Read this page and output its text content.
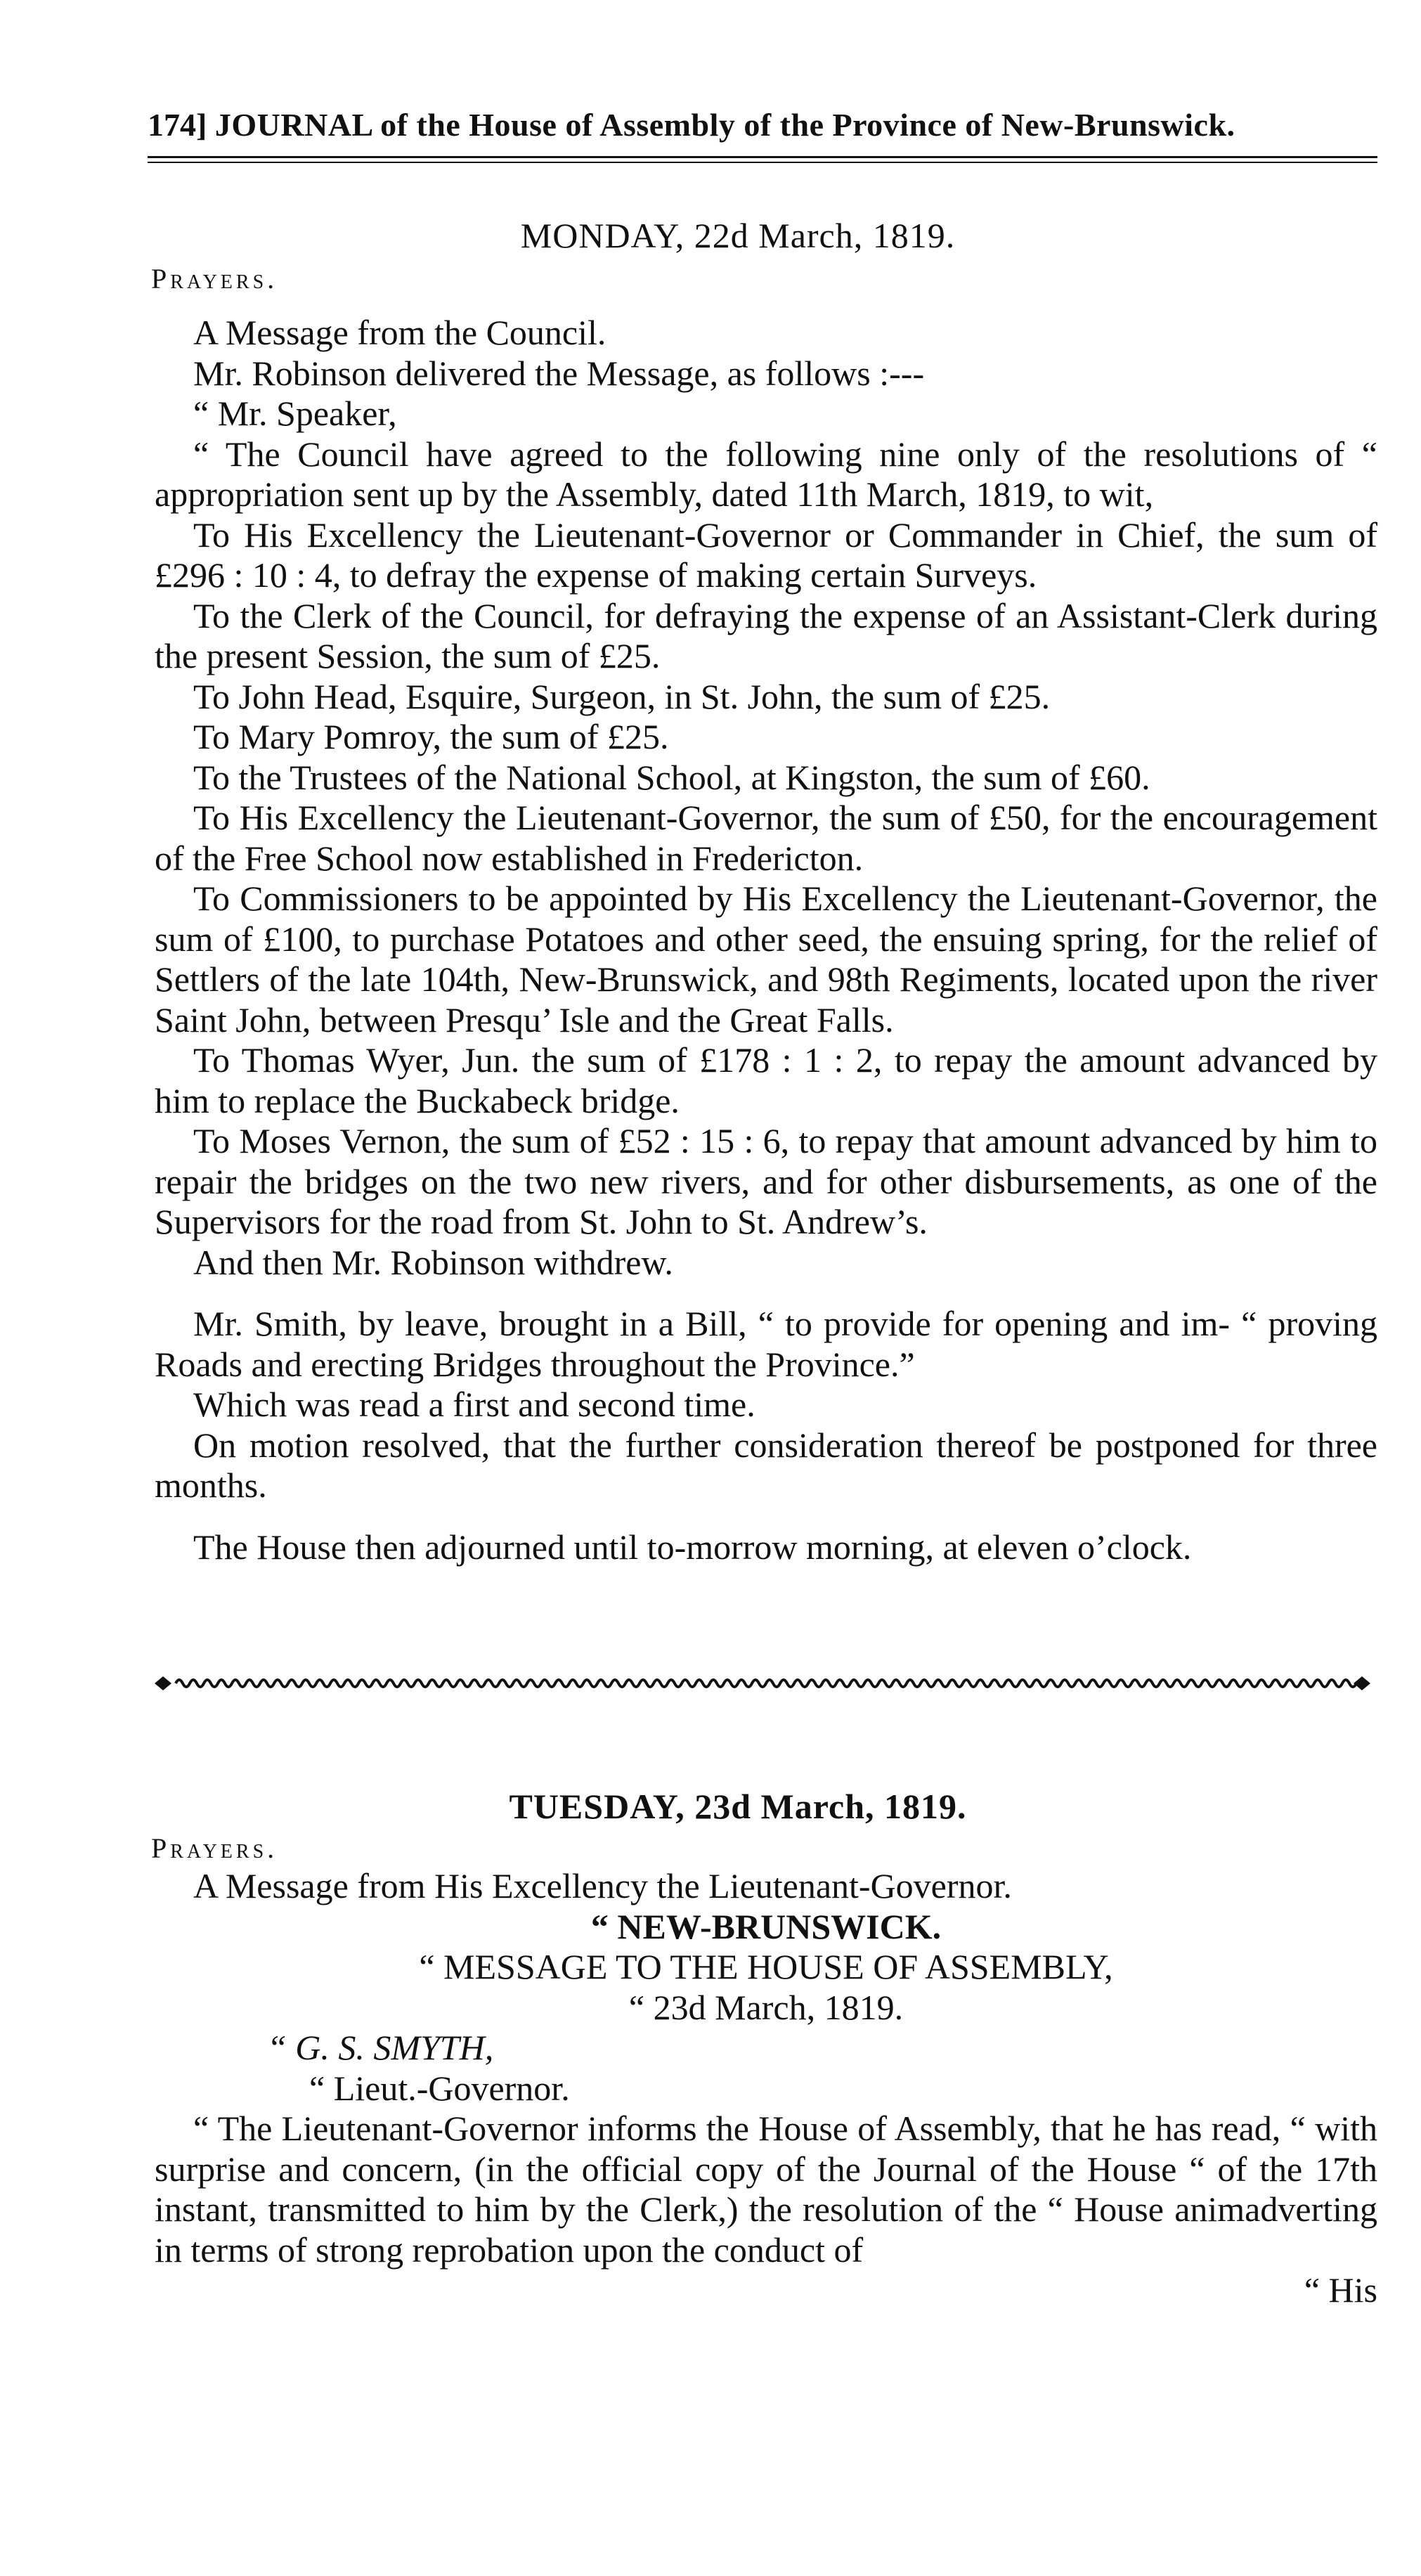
174] JOURNAL of the House of Assembly of the Province of New-Brunswick.
MONDAY, 22d March, 1819.
Prayers.

A Message from the Council.

Mr. Robinson delivered the Message, as follows :---

“ Mr. Speaker,

“ The Council have agreed to the following nine only of the resolutions of “ appropriation sent up by the Assembly, dated 11th March, 1819, to wit,

To His Excellency the Lieutenant-Governor or Commander in Chief, the sum of £296 : 10 : 4, to defray the expense of making certain Surveys.

To the Clerk of the Council, for defraying the expense of an Assistant-Clerk during the present Session, the sum of £25.

To John Head, Esquire, Surgeon, in St. John, the sum of £25.

To Mary Pomroy, the sum of £25.

To the Trustees of the National School, at Kingston, the sum of £60.

To His Excellency the Lieutenant-Governor, the sum of £50, for the encouragement of the Free School now established in Fredericton.

To Commissioners to be appointed by His Excellency the Lieutenant-Governor, the sum of £100, to purchase Potatoes and other seed, the ensuing spring, for the relief of Settlers of the late 104th, New-Brunswick, and 98th Regiments, located upon the river Saint John, between Presqu’ Isle and the Great Falls.

To Thomas Wyer, Jun. the sum of £178 : 1 : 2, to repay the amount advanced by him to replace the Buckabeck bridge.

To Moses Vernon, the sum of £52 : 15 : 6, to repay that amount advanced by him to repair the bridges on the two new rivers, and for other disbursements, as one of the Supervisors for the road from St. John to St. Andrew’s.

And then Mr. Robinson withdrew.

Mr. Smith, by leave, brought in a Bill, “ to provide for opening and im- “ proving Roads and erecting Bridges throughout the Province.”

Which was read a first and second time.

On motion resolved, that the further consideration thereof be postponed for three months.

The House then adjourned until to-morrow morning, at eleven o’clock.

TUESDAY, 23d March, 1819.
Prayers.

A Message from His Excellency the Lieutenant-Governor.

“ NEW-BRUNSWICK.

“ MESSAGE TO THE HOUSE OF ASSEMBLY,

“ 23d March, 1819.

“ G. S. SMYTH,

“ Lieut.-Governor.

“ The Lieutenant-Governor informs the House of Assembly, that he has read, “ with surprise and concern, (in the official copy of the Journal of the House “ of the 17th instant, transmitted to him by the Clerk,) the resolution of the “ House animadverting in terms of strong reprobation upon the conduct of

“ His
